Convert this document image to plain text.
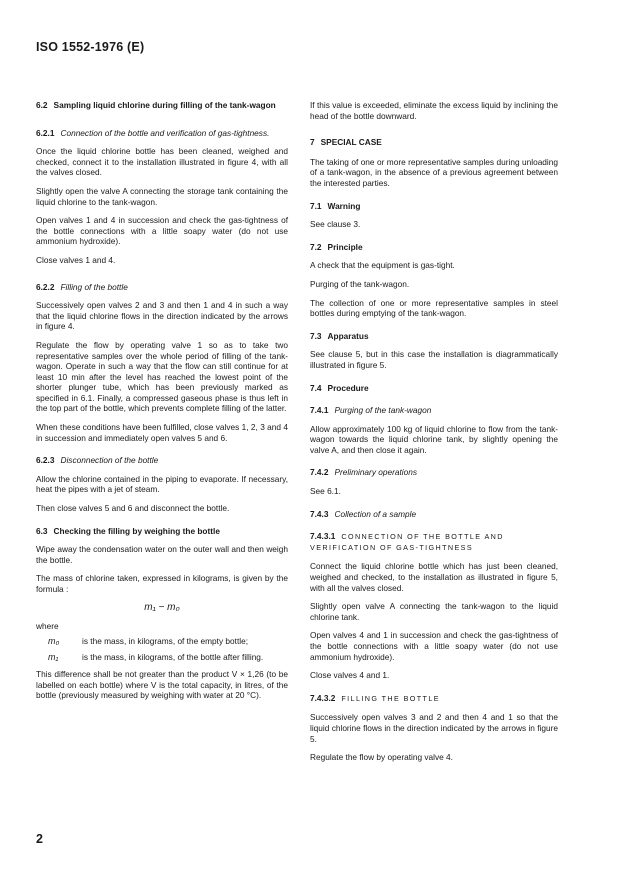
ISO 1552-1976 (E)
6.2 Sampling liquid chlorine during filling of the tank-wagon
6.2.1 Connection of the bottle and verification of gas-tightness.

Once the liquid chlorine bottle has been cleaned, weighed and checked, connect it to the installation illustrated in figure 4, with all the valves closed.

Slightly open the valve A connecting the storage tank containing the liquid chlorine to the tank-wagon.

Open valves 1 and 4 in succession and check the gas-tightness of the bottle connections with a little soapy water (do not use ammonium hydroxide).

Close valves 1 and 4.

6.2.2 Filling of the bottle

Successively open valves 2 and 3 and then 1 and 4 in such a way that the liquid chlorine flows in the direction indicated by the arrows in figure 4.

Regulate the flow by operating valve 1 so as to take two representative samples over the whole period of filling of the tank-wagon. Operate in such a way that the flow can still continue for at least 10 min after the level has reached the lowest point of the shorter plunger tube, which has been previously marked as specified in 6.1. Finally, a compressed gaseous phase is thus left in the top part of the bottle, which prevents complete filling of the latter.

When these conditions have been fulfilled, close valves 1, 2, 3 and 4 in succession and immediately open valves 5 and 6.

6.2.3 Disconnection of the bottle

Allow the chlorine contained in the piping to evaporate. If necessary, heat the pipes with a jet of steam.

Then close valves 5 and 6 and disconnect the bottle.

6.3 Checking the filling by weighing the bottle

Wipe away the condensation water on the outer wall and then weigh the bottle.

The mass of chlorine taken, expressed in kilograms, is given by the formula :

m₁ − m₀
where
m₀	is the mass, in kilograms, of the empty bottle;
m₁	is the mass, in kilograms, of the bottle after filling.

This difference shall be not greater than the product V × 1,26 (to be labelled on each bottle) where V is the total capacity, in litres, of the bottle (previously measured by weighing with water at 20 °C).

If this value is exceeded, eliminate the excess liquid by inclining the head of the bottle downward.

7 SPECIAL CASE

The taking of one or more representative samples during unloading of a tank-wagon, in the absence of a previous agreement between the interested parties.

7.1 Warning

See clause 3.

7.2 Principle

A check that the equipment is gas-tight.

Purging of the tank-wagon.

The collection of one or more representative samples in steel bottles during emptying of the tank-wagon.

7.3 Apparatus

See clause 5, but in this case the installation is diagrammatically illustrated in figure 5.

7.4 Procedure
7.4.1 Purging of the tank-wagon

Allow approximately 100 kg of liquid chlorine to flow from the tank-wagon towards the liquid chlorine tank, by slightly opening the valve A, and then close it again.

7.4.2 Preliminary operations

See 6.1.

7.4.3 Collection of a sample
7.4.3.1 CONNECTION OF THE BOTTLE AND VERIFICATION OF GAS-TIGHTNESS

Connect the liquid chlorine bottle which has just been cleaned, weighed and checked, to the installation as illustrated in figure 5, with all the valves closed.

Slightly open valve A connecting the tank-wagon to the liquid chlorine tank.

Open valves 4 and 1 in succession and check the gas-tightness of the bottle connections with a little soapy water (do not use ammonium hydroxide).

Close valves 4 and 1.

7.4.3.2 FILLING THE BOTTLE

Successively open valves 3 and 2 and then 4 and 1 so that the liquid chlorine flows in the direction indicated by the arrows in figure 5.

Regulate the flow by operating valve 4.

2
